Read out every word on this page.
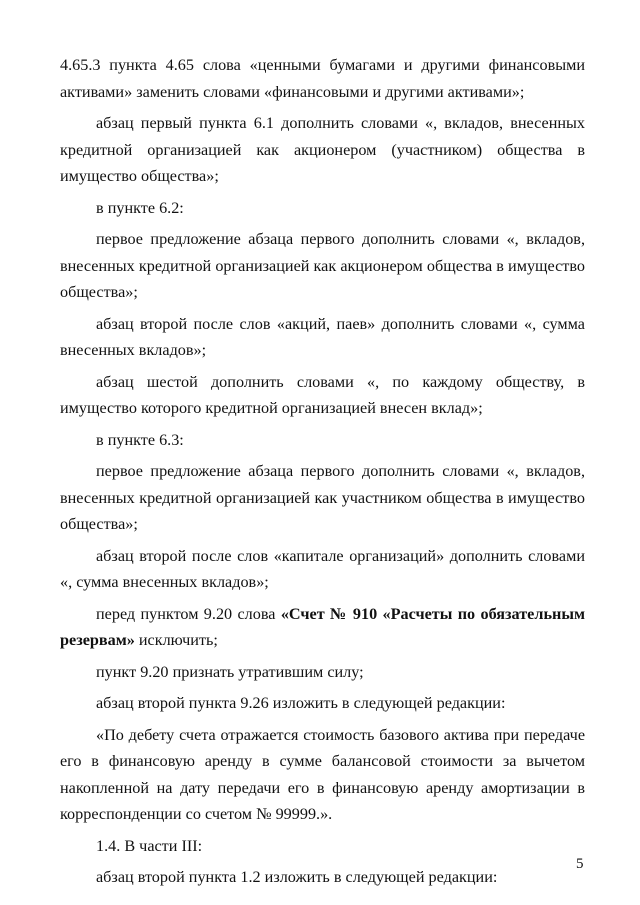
4.65.3 пункта 4.65 слова «ценными бумагами и другими финансовыми активами» заменить словами «финансовыми и другими активами»;

абзац первый пункта 6.1 дополнить словами «, вкладов, внесенных кредитной организацией как акционером (участником) общества в имущество общества»;

в пункте 6.2:

первое предложение абзаца первого дополнить словами «, вкладов, внесенных кредитной организацией как акционером общества в имущество общества»;

абзац второй после слов «акций, паев» дополнить словами «, сумма внесенных вкладов»;

абзац шестой дополнить словами «, по каждому обществу, в имущество которого кредитной организацией внесен вклад»;

в пункте 6.3:

первое предложение абзаца первого дополнить словами «, вкладов, внесенных кредитной организацией как участником общества в имущество общества»;

абзац второй после слов «капитале организаций» дополнить словами «, сумма внесенных вкладов»;

перед пунктом 9.20 слова «Счет № 910 «Расчеты по обязательным резервам» исключить;

пункт 9.20 признать утратившим силу;

абзац второй пункта 9.26 изложить в следующей редакции:

«По дебету счета отражается стоимость базового актива при передаче его в финансовую аренду в сумме балансовой стоимости за вычетом накопленной на дату передачи его в финансовую аренду амортизации в корреспонденции со счетом № 99999.».

1.4. В части III:

абзац второй пункта 1.2 изложить в следующей редакции:

5
